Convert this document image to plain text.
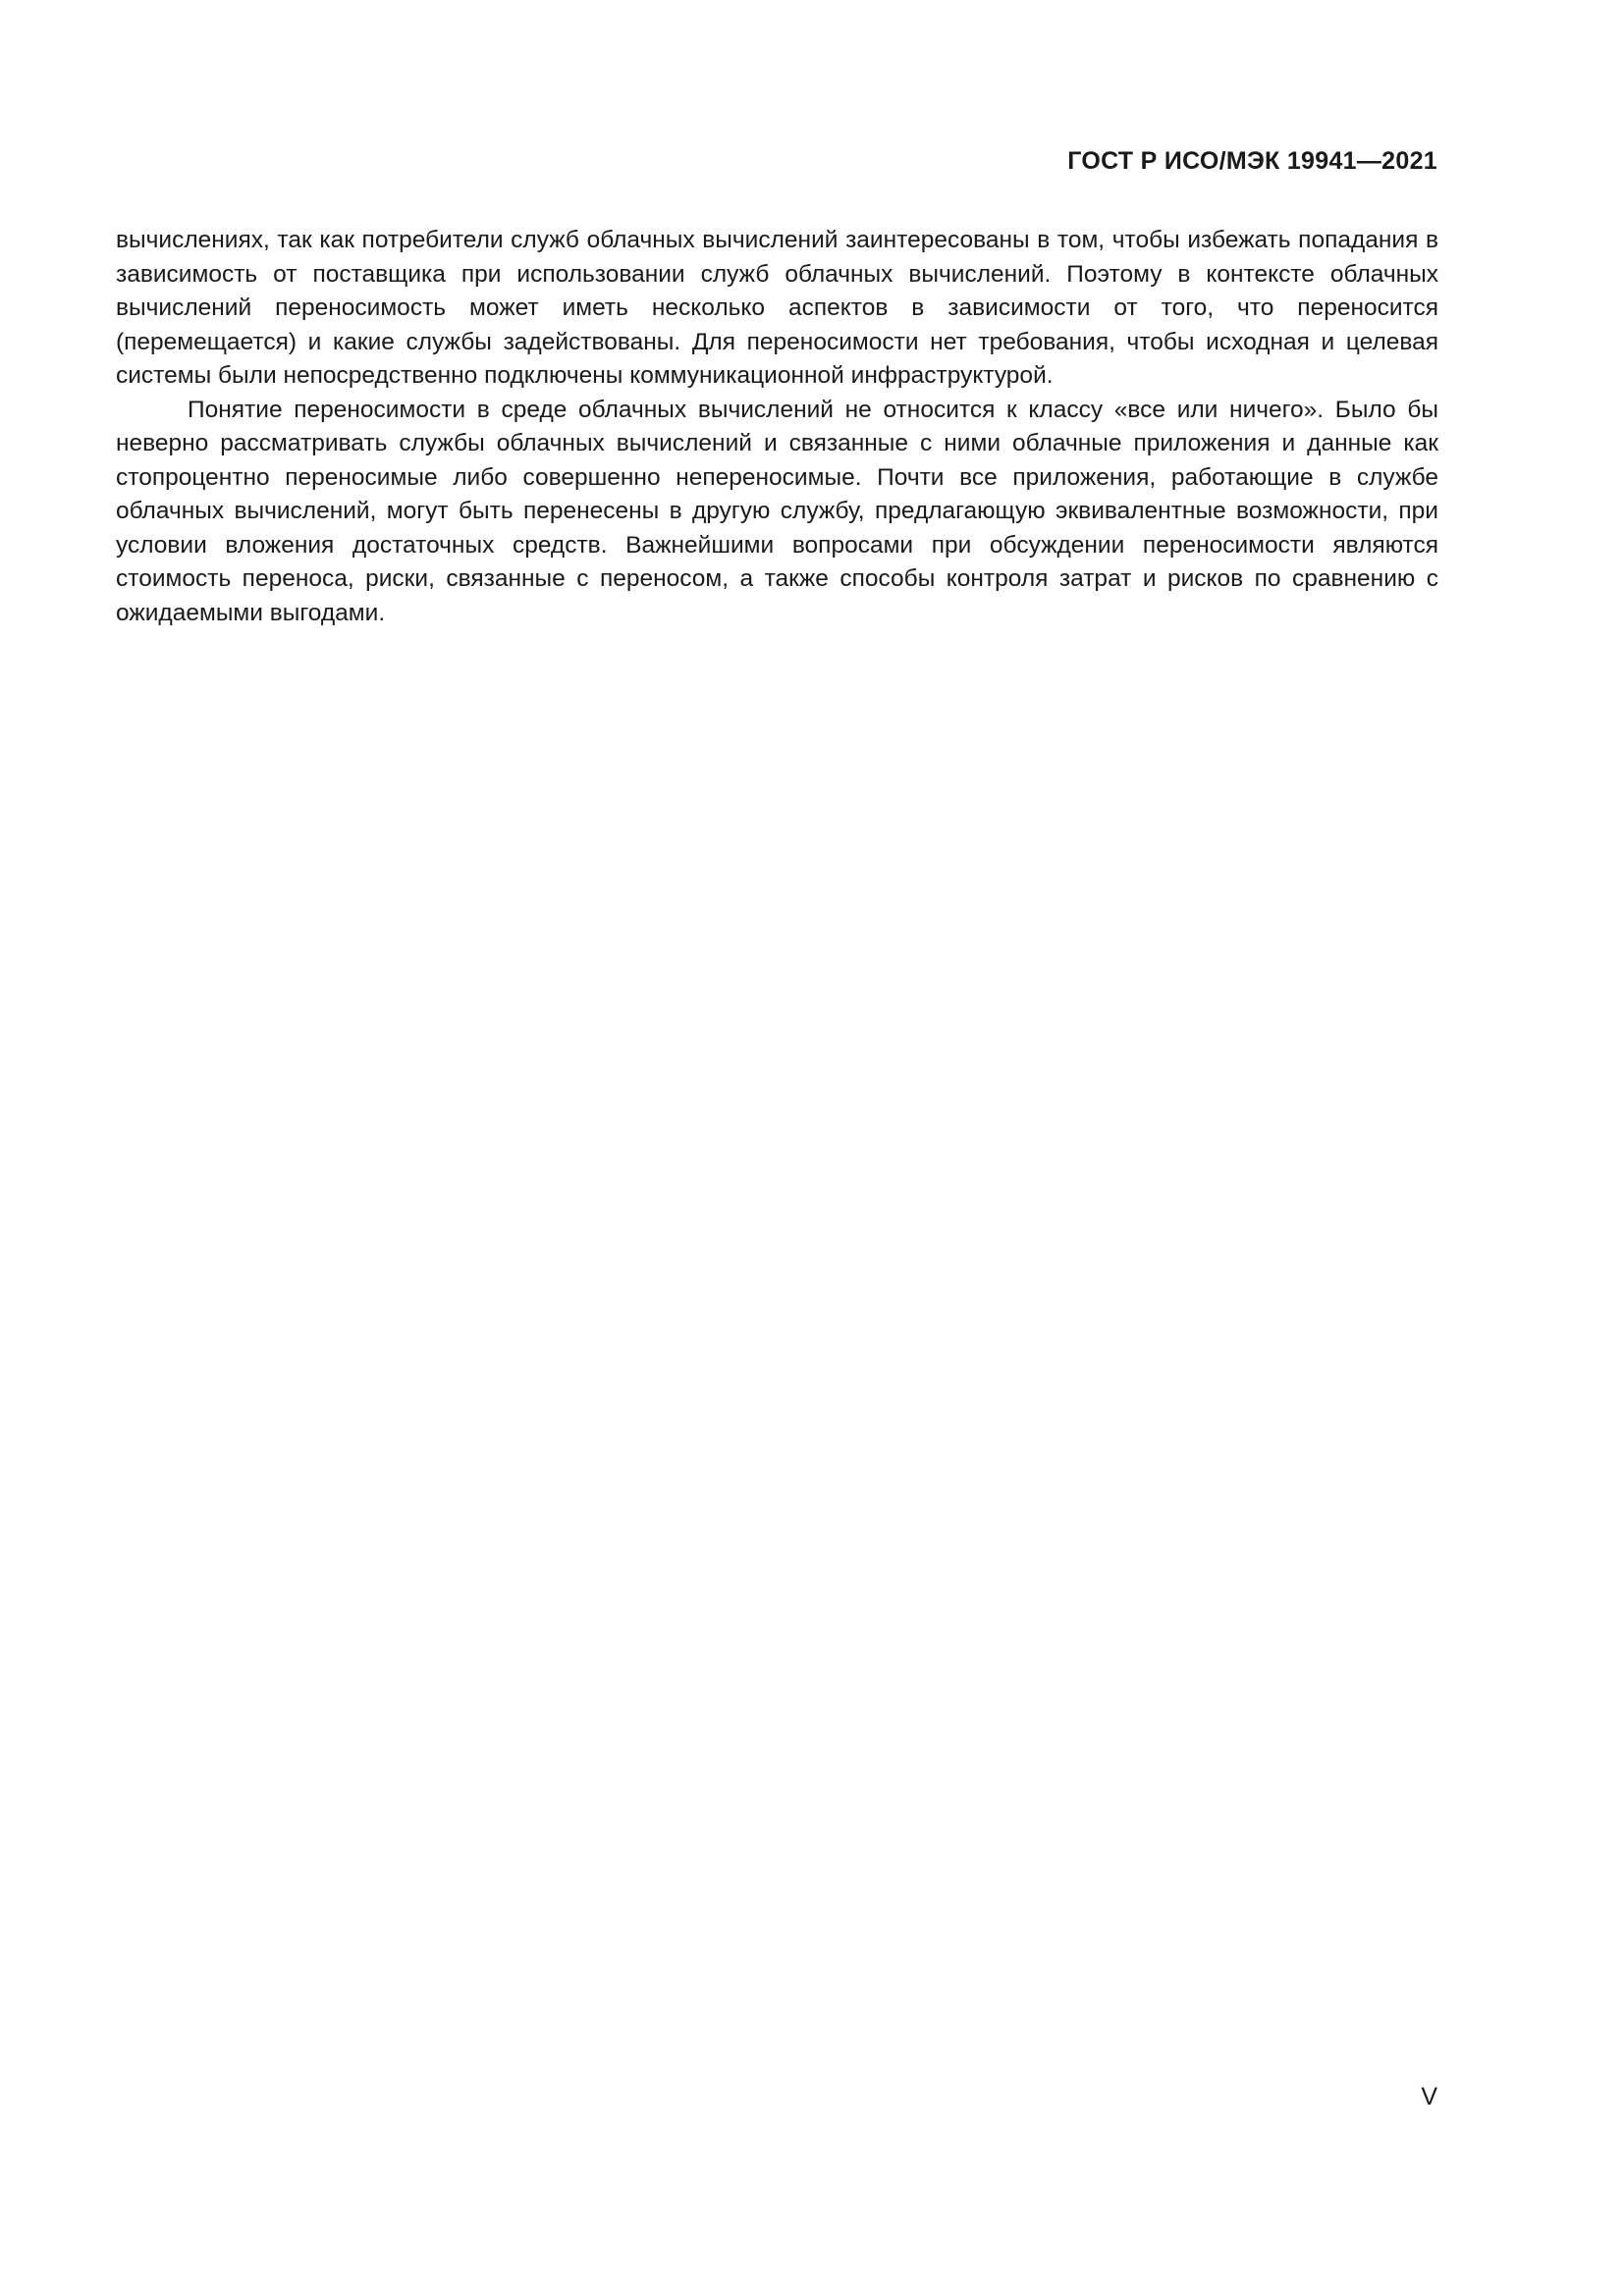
ГОСТ Р ИСО/МЭК 19941—2021

вычислениях, так как потребители служб облачных вычислений заинтересованы в том, чтобы избежать попадания в зависимость от поставщика при использовании служб облачных вычислений. Поэтому в контексте облачных вычислений переносимость может иметь несколько аспектов в зависимости от того, что переносится (перемещается) и какие службы задействованы. Для переносимости нет требования, чтобы исходная и целевая системы были непосредственно подключены коммуникационной инфраструктурой.

Понятие переносимости в среде облачных вычислений не относится к классу «все или ничего». Было бы неверно рассматривать службы облачных вычислений и связанные с ними облачные приложения и данные как стопроцентно переносимые либо совершенно непереносимые. Почти все приложения, работающие в службе облачных вычислений, могут быть перенесены в другую службу, предлагающую эквивалентные возможности, при условии вложения достаточных средств. Важнейшими вопросами при обсуждении переносимости являются стоимость переноса, риски, связанные с переносом, а также способы контроля затрат и рисков по сравнению с ожидаемыми выгодами.

V
